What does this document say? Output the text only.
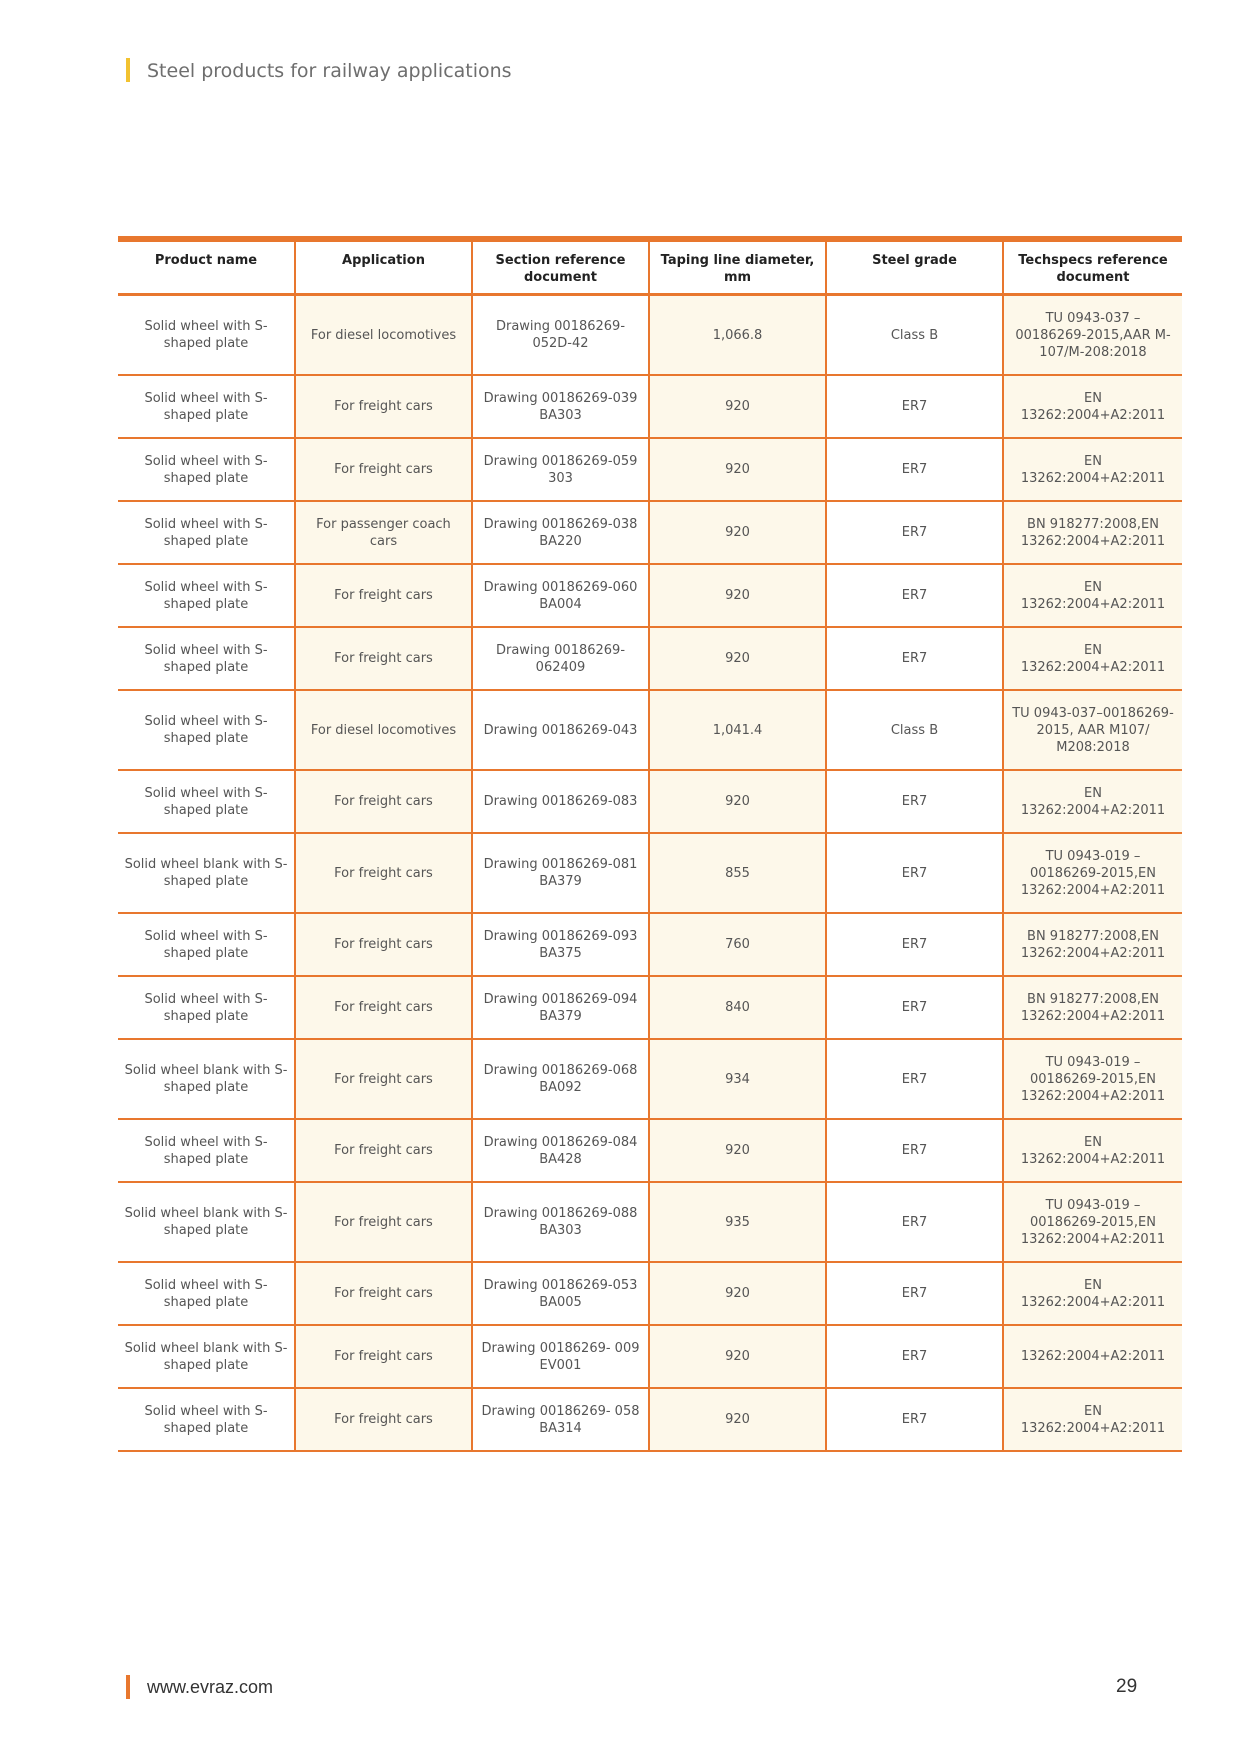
Steel products for railway applications
Product name	Application	Section reference document	Taping line diameter, mm	Steel grade	Techspecs reference document
Solid wheel with S-shaped plate	For diesel locomotives	Drawing 00186269-052D-42	1,066.8	Class B	TU 0943-037 – 00186269-2015,AAR M-107/M-208:2018
Solid wheel with S-shaped plate	For freight cars	Drawing 00186269-039 BA303	920	ER7	EN 13262:2004+A2:2011
Solid wheel with S-shaped plate	For freight cars	Drawing 00186269-059 303	920	ER7	EN 13262:2004+A2:2011
Solid wheel with S-shaped plate	For passenger coach cars	Drawing 00186269-038 BA220	920	ER7	BN 918277:2008,EN 13262:2004+A2:2011
Solid wheel with S-shaped plate	For freight cars	Drawing 00186269-060 BA004	920	ER7	EN 13262:2004+A2:2011
Solid wheel with S-shaped plate	For freight cars	Drawing 00186269-062409	920	ER7	EN 13262:2004+A2:2011
Solid wheel with S-shaped plate	For diesel locomotives	Drawing 00186269-043	1,041.4	Class B	TU 0943-037–00186269-2015, AAR M107/ M208:2018
Solid wheel with S-shaped plate	For freight cars	Drawing 00186269-083	920	ER7	EN 13262:2004+A2:2011
Solid wheel blank with S-shaped plate	For freight cars	Drawing 00186269-081 BA379	855	ER7	TU 0943-019 – 00186269-2015,EN 13262:2004+A2:2011
Solid wheel with S-shaped plate	For freight cars	Drawing 00186269-093 BA375	760	ER7	BN 918277:2008,EN 13262:2004+A2:2011
Solid wheel with S-shaped plate	For freight cars	Drawing 00186269-094 BA379	840	ER7	BN 918277:2008,EN 13262:2004+A2:2011
Solid wheel blank with S-shaped plate	For freight cars	Drawing 00186269-068 BA092	934	ER7	TU 0943-019 – 00186269-2015,EN 13262:2004+A2:2011
Solid wheel with S-shaped plate	For freight cars	Drawing 00186269-084 BA428	920	ER7	EN 13262:2004+A2:2011
Solid wheel blank with S-shaped plate	For freight cars	Drawing 00186269-088 BA303	935	ER7	TU 0943-019 – 00186269-2015,EN 13262:2004+A2:2011
Solid wheel with S-shaped plate	For freight cars	Drawing 00186269-053 BA005	920	ER7	EN 13262:2004+A2:2011
Solid wheel blank with S-shaped plate	For freight cars	Drawing 00186269- 009 EV001	920	ER7	13262:2004+A2:2011
Solid wheel with S-shaped plate	For freight cars	Drawing 00186269- 058 BA314	920	ER7	EN 13262:2004+A2:2011
www.evraz.com	29
